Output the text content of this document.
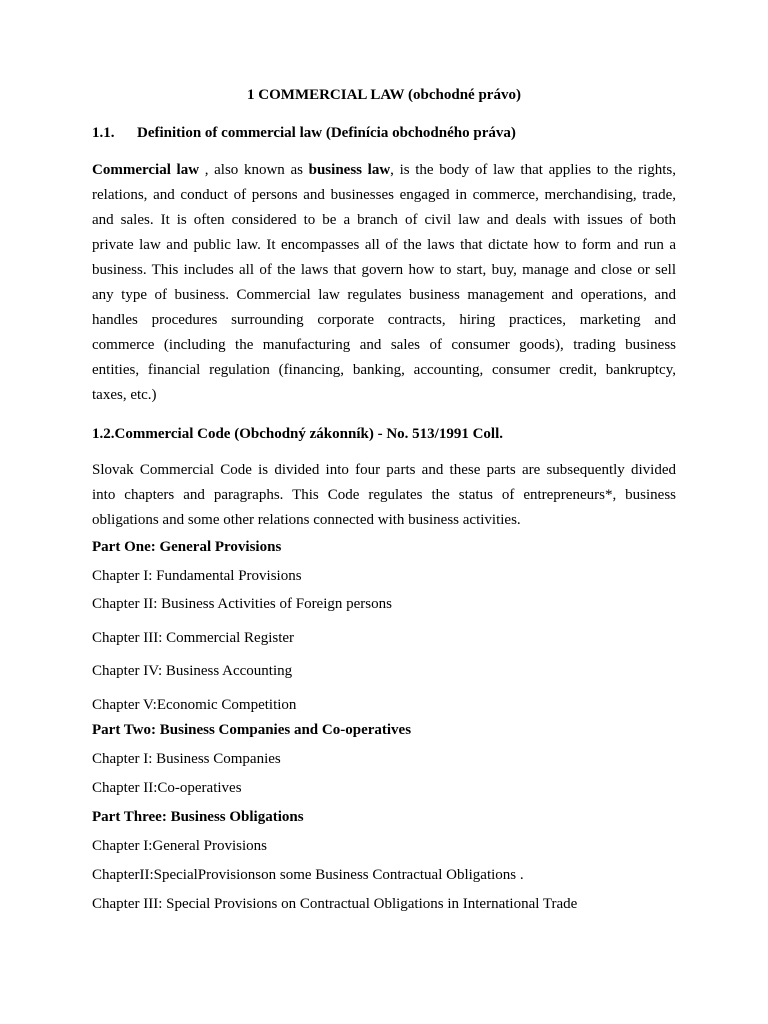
1 COMMERCIAL LAW (obchodné právo)
1.1. Definition of commercial law (Definícia obchodného práva)
Commercial law , also known as business law, is the body of law that applies to the rights,
relations, and conduct of persons and businesses engaged in commerce, merchandising, trade,
and sales. It is often considered to be a branch of civil law and deals with issues of both
private law and public law. It encompasses all of the laws that dictate how to form and run a
business. This includes all of the laws that govern how to start, buy, manage and close or sell
any type of business. Commercial law regulates business management and operations, and
handles procedures surrounding corporate contracts, hiring practices, marketing and
commerce (including the manufacturing and sales of consumer goods), trading business
entities, financial regulation (financing, banking, accounting, consumer credit, bankruptcy,
taxes, etc.)
1.2.Commercial Code (Obchodný zákonník) - No. 513/1991 Coll.
Slovak Commercial Code is divided into four parts and these parts are subsequently divided
into chapters and paragraphs. This Code regulates the status of entrepreneurs*, business
obligations and some other relations connected with business activities.
Part One: General Provisions
Chapter I: Fundamental Provisions
Chapter II: Business Activities of Foreign persons
Chapter III: Commercial Register
Chapter IV: Business Accounting
Chapter V:Economic Competition
Part Two: Business Companies and Co-operatives
Chapter I: Business Companies
Chapter II:Co-operatives
Part Three: Business Obligations
Chapter I:General Provisions
ChapterII:SpecialProvisionson some Business Contractual Obligations .
Chapter III: Special Provisions on Contractual Obligations in International Trade
